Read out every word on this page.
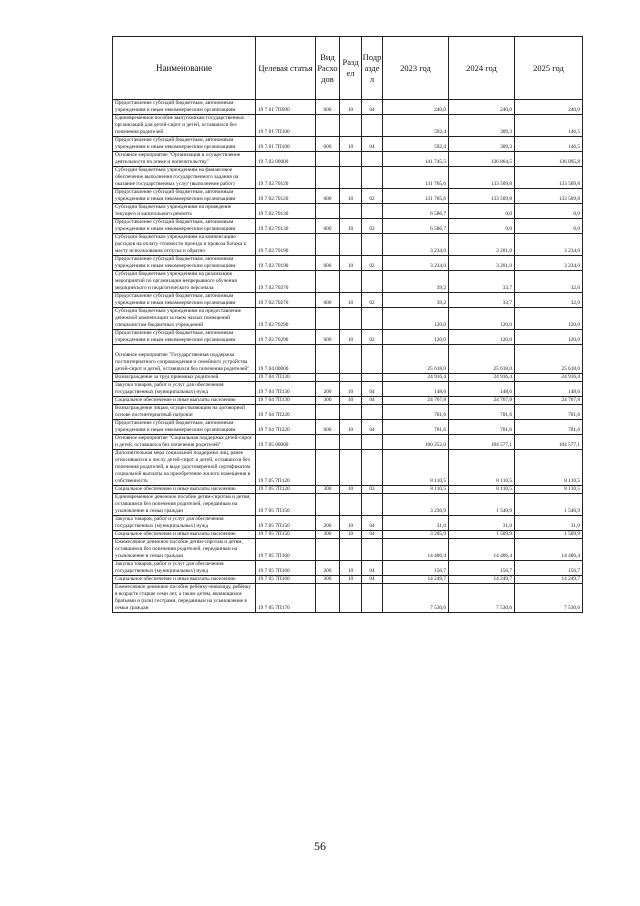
Наименование	Целевая статья	Вид Расхо дов	Разд ел	Подр азде л	2023 год	2024 год	2025 год
Предоставление субсидий бюджетным, автономным учреждениям и иным некоммерческим организациям	19 7 01 7П090	600	10	04	240,0	240,0	240,0
Единовременное пособие выпускникам государственных организаций для детей-сирот и детей, оставшихся без попечения родителей	19 7 01 7П100				592,4	309,3	146,5
Предоставление субсидий бюджетным, автономным учреждениям и иным некоммерческим организациям	19 7.01 7П100	600	10	04	592,4	309,3	146,5
Основное мероприятие "Организация и осуществление деятельности по опеке и попечительству"	19 7.02.00000				141 745,5	136 864,5	136 895,8
Субсидии бюджетным учреждениям на финансовое обеспечение выполнения государственного задания на оказание государственных услуг (выполнение работ)	19 7.02.70120				131 765,6	133 509,8	133 509,8
Предоставление субсидий бюджетным, автономным учреждениям и иным некоммерческим организациям	19 7.02.70120	600	10	02	131 765,6	133 509,8	133 509,8
Субсидии бюджетным учреждениям на проведение текущего и капитального ремонта	19 7.02.70130				6 586,7	0,0	0,0
Предоставление субсидий бюджетным, автономным учреждениям и иным некоммерческим организациям	19 7.02.70130	600	10	02	6 586,7	0,0	0,0
Субсидии бюджетным учреждениям на компенсацию расходов на оплату стоимости проезда и провоза багажа к месту использования отпуска и обратно	19 7.02.70190				3 234,0	3 201,0	3 234,0
Предоставление субсидий бюджетным, автономным учреждениям и иным некоммерческим организациям	19 7.02.70190	600	10	02	3 234,0	3 201,0	3 234,0
Субсидии бюджетным учреждениям на реализацию мероприятий по организации непрерывного обучения медицинского и педагогического персонала	19 7.02.70270				39,2	33,7	32,0
Предоставление субсидий бюджетным, автономным учреждениям и иным некоммерческим организациям	19 7.02.70270	600	10	02	39,2	33,7	32,0
Субсидии бюджетным учреждениям на предоставление денежной компенсации за наем жилых помещений специалистам бюджетных учреждений	19 7.02.70290				120,0	120,0	120,0
Предоставление субсидий бюджетным, автономным учреждениям и иным некоммерческим организациям	19 7.02.70290	600	10	02	120,0	120,0	120,0
Основное мероприятие "Государственная поддержка постинтернатного сопровождения и семейного устройства детей-сирот и детей, оставшихся без попечения родителей"	19 7.04.00000				25 618,0	25 618,0	25 618,0
Вознаграждение за труд приемных родителей	19 7 04 7П130				24 916,4	24 916,4	24 916,4
Закупка товаров, работ и услуг для обеспечения государственных (муниципальных) нужд	19 7 04 7П130	200	10	04	148,6	148,6	148,6
Социальное обеспечение и иные выплаты населению	19 7 04 7П130	300	10	04	24 767,8	24 767,8	24 767,8
Вознаграждение лицам, осуществляющим на договорной основе постинтернатный патронат	19 7 04 7П220				701,6	701,6	701,6
Предоставление субсидий бюджетным, автономным учреждениям и иным некоммерческим организациям	19 7 04 7П220	600	10	04	701,6	701,6	701,6
Основное мероприятие "Социальная поддержка детей-сирот и детей, оставшихся без попечения родителей"	19 7.05 00000				100 252,0	104 577,1	104 577,1
Дополнительная мера социальной поддержки лиц, ранее относившихся к числу детей-сирот и детей, оставшихся без попечения родителей, в виде удостоверенной сертификатом социальной выплаты на приобретение жилого помещения в собственность	19 7.05 7П120				8 110,5	8 110,5	8 110,5
Социальное обеспечение и иные выплаты населению	19 7 05 7П120	300	10	03	8 110,5	8 110,5	8 110,5
Единовременное денежное пособие детям-сиротам и детям, оставшимся без попечения родителей, переданным на усыновление в семьи граждан	19 7 05 7П150				3 236,9	1 540,9	1 540,9
Закупка товаров, работ и услуг для обеспечения государственных (муниципальных) нужд	19 7.05 7П150	200	10	04	31,0	31,0	31,0
Социальное обеспечение и иные выплаты населению	19 7 05 7П150	300	10	04	3 205,9	1 509,9	1 509,9
Ежемесячное денежное пособие детям-сиротам и детям, оставшимся без попечения родителей, переданным на усыновление в семьи граждан	19 7 05 7П160				14 406,4	14 406,4	14 406,4
Закупка товаров, работ и услуг для обеспечения государственных (муниципальных) нужд	19 7 05 7П160	200	10	04	156,7	156,7	156,7
Социальное обеспечение и иные выплаты населению	19 7 05 7П160	300	10	04	14 249,7	14 249,7	14 249,7
Ежемесячное денежное пособие ребёнку-инвалиду, ребёнку в возрасте старше семи лет, а также детям, являющимся братьями и (или) сестрами, переданным на усыновление в семьи граждан	19 7 05 7П170				7 530,6	7 530,6	7 530,6
56
